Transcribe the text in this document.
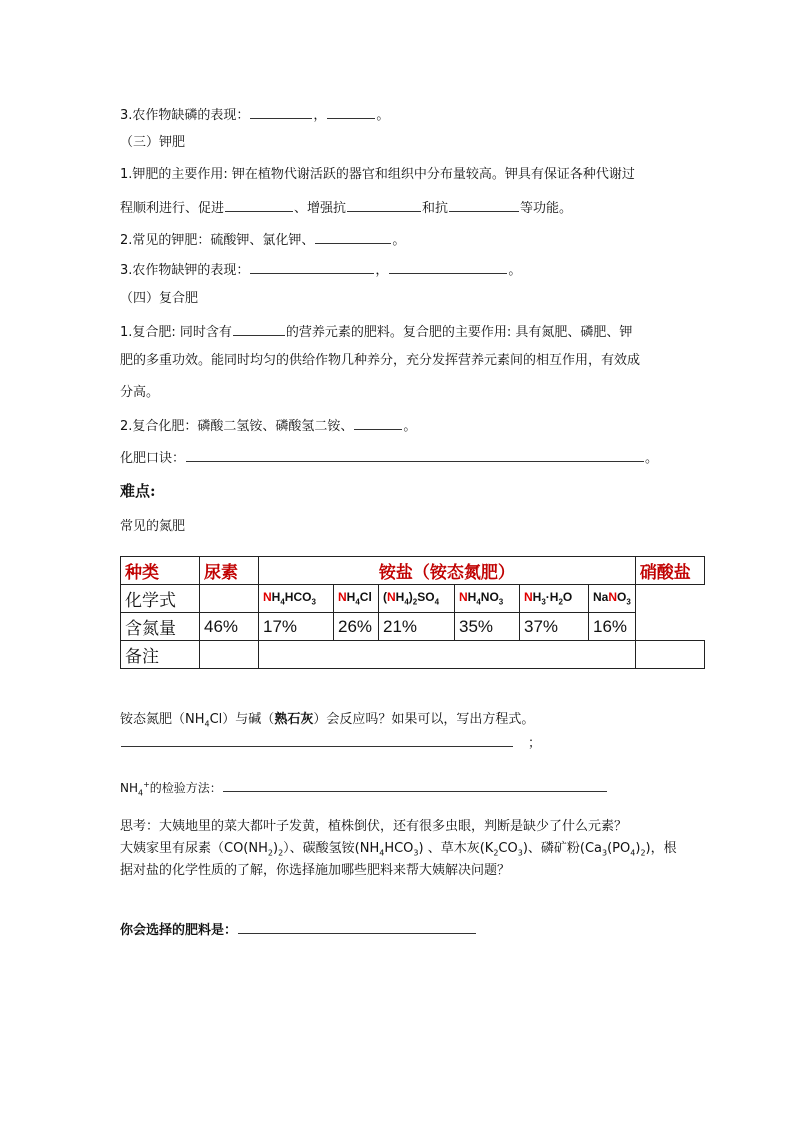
3.农作物缺磷的表现：	，	。
（三）钾肥
1.钾肥的主要作用: 钾在植物代谢活跃的器官和组织中分布量较高。钾具有保证各种代谢过
程顺利进行、促进	、增强抗	和抗	等功能。
2.常见的钾肥：硫酸钾、氯化钾、	。
3.农作物缺钾的表现：	，	。
（四）复合肥
1.复合肥: 同时含有	的营养元素的肥料。复合肥的主要作用: 具有氮肥、磷肥、钾
肥的多重功效。能同时均匀的供给作物几种养分，充分发挥营养元素间的相互作用，有效成
分高。
2.复合化肥：磷酸二氢铵、磷酸氢二铵、	。
化肥口诀：	。
难点:
常见的氮肥
种类	尿素	铵盐（铵态氮肥）						硝酸盐
化学式		$NH_4HCO_3$	$NH_4Cl$	$(NH_4)_2SO_4$	$NH_4NO_3$	$NH_3\cdot H_2O$	NaNO$_3$
含氮量	46%	17%	26%	21%	35%	37%	16%	
备注								
铵态氮肥$(NH_4Cl)$与碱（熟石灰）会反应吗？如果可以，写出方程式。
；
$NH_4^+$的检验方法：
思考：大姨地里的菜大都叶子发黄，植株倒伏，还有很多虫眼，判断是缺少了什么元素？
大姨家里有尿素$(CO(NH_2)_2)$、碳酸氢铵$(NH_4HCO_3)$ 、草木灰$(K_2CO_3)$、磷矿粉$(Ca_3(PO_4)_2)$，根
据对盐的化学性质的了解，你选择施加哪些肥料来帮大姨解决问题？
你会选择的肥料是：
